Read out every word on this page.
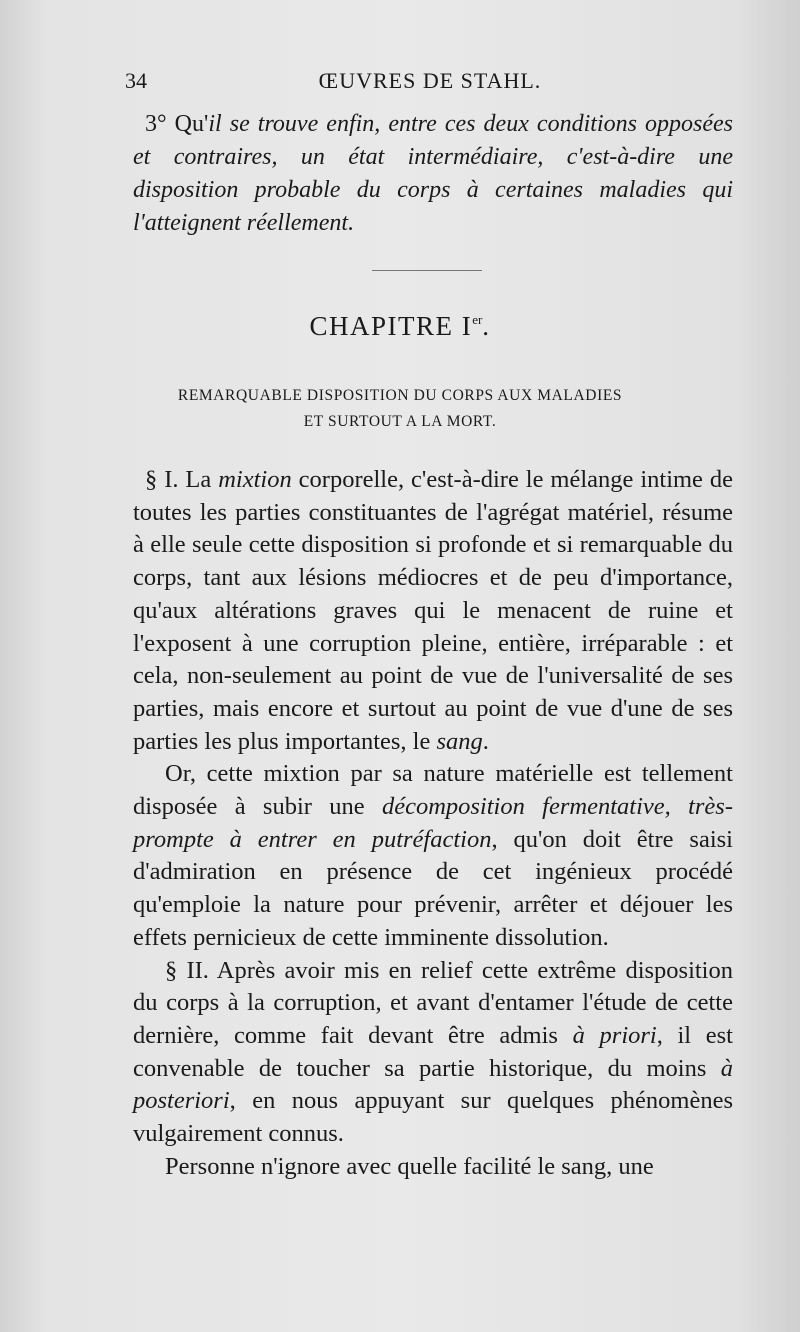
34	ŒUVRES DE STAHL.

3° Qu'il se trouve enfin, entre ces deux conditions opposées et contraires, un état intermédiaire, c'est-à-dire une disposition probable du corps à certaines maladies qui l'atteignent réellement.

CHAPITRE Ier.
REMARQUABLE DISPOSITION DU CORPS AUX MALADIES
ET SURTOUT A LA MORT.

§ I. La mixtion corporelle, c'est-à-dire le mélange intime de toutes les parties constituantes de l'agrégat matériel, résume à elle seule cette disposition si profonde et si remarquable du corps, tant aux lésions médiocres et de peu d'importance, qu'aux altérations graves qui le menacent de ruine et l'exposent à une corruption pleine, entière, irréparable : et cela, non-seulement au point de vue de l'universalité de ses parties, mais encore et surtout au point de vue d'une de ses parties les plus importantes, le sang.

Or, cette mixtion par sa nature matérielle est tellement disposée à subir une décomposition fermentative, très-prompte à entrer en putréfaction, qu'on doit être saisi d'admiration en présence de cet ingénieux procédé qu'emploie la nature pour prévenir, arrêter et déjouer les effets pernicieux de cette imminente dissolution.

§ II. Après avoir mis en relief cette extrême disposition du corps à la corruption, et avant d'entamer l'étude de cette dernière, comme fait devant être admis à priori, il est convenable de toucher sa partie historique, du moins à posteriori, en nous appuyant sur quelques phénomènes vulgairement connus.

Personne n'ignore avec quelle facilité le sang, une
